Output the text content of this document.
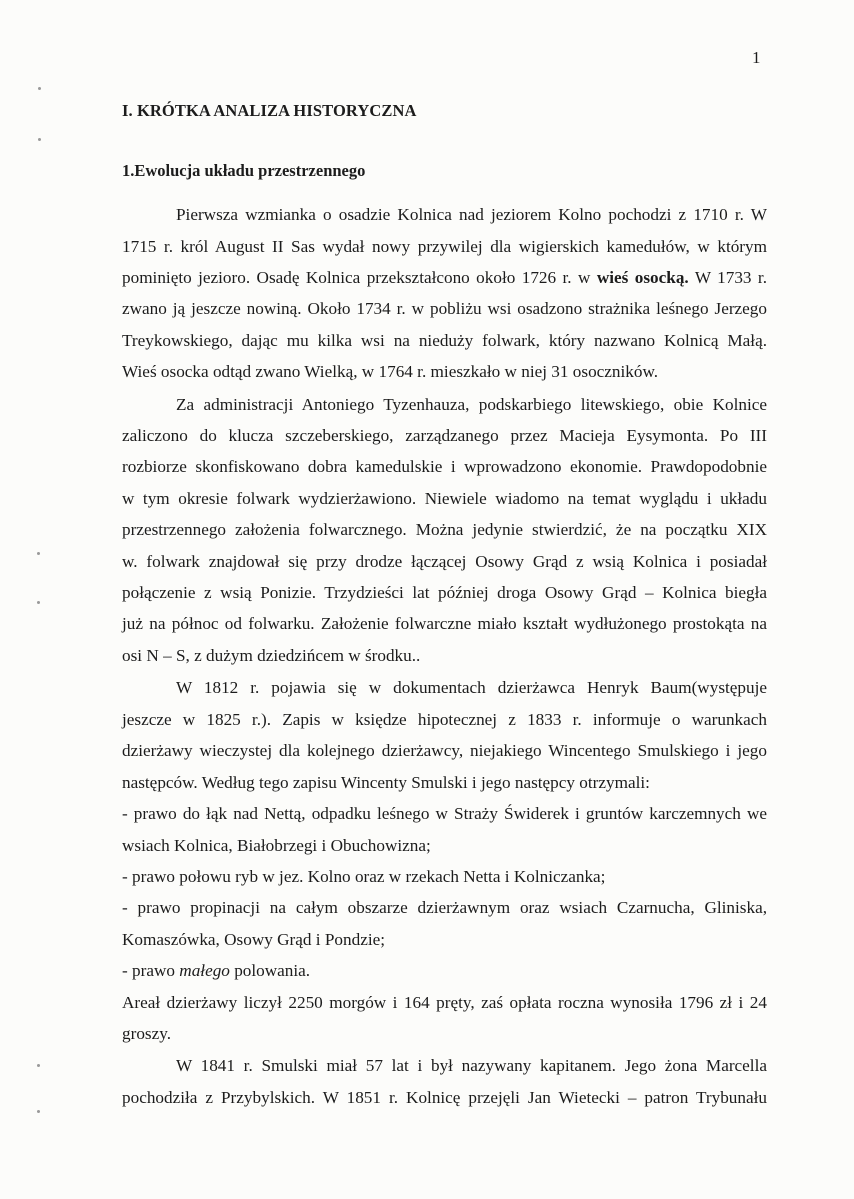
1
I. KRÓTKA ANALIZA HISTORYCZNA
1.Ewolucja układu przestrzennego
Pierwsza wzmianka o osadzie Kolnica nad jeziorem Kolno pochodzi z 1710 r. W
1715 r. król August II Sas wydał nowy przywilej dla wigierskich kamedułów, w którym
pominięto jezioro. Osadę Kolnica przekształcono około 1726 r. w wieś osocką. W 1733 r.
zwano ją jeszcze nowiną. Około 1734 r. w pobliżu wsi osadzono strażnika leśnego Jerzego
Treykowskiego, dając mu kilka wsi na nieduży folwark, który nazwano Kolnicą Małą.
Wieś osocka odtąd zwano Wielką, w 1764 r. mieszkało w niej 31 osoczników.
Za administracji Antoniego Tyzenhauza, podskarbiego litewskiego, obie Kolnice
zaliczono do klucza szczeberskiego, zarządzanego przez Macieja Eysymonta. Po III
rozbiorze skonfiskowano dobra kamedulskie i wprowadzono ekonomie. Prawdopodobnie
w tym okresie folwark wydzierżawiono. Niewiele wiadomo na temat wyglądu i układu
przestrzennego założenia folwarcznego. Można jedynie stwierdzić, że na początku XIX
w. folwark znajdował się przy drodze łączącej Osowy Grąd z wsią Kolnica i posiadał
połączenie z wsią Ponizie. Trzydzieści lat później droga Osowy Grąd – Kolnica biegła
już na północ od folwarku. Założenie folwarczne miało kształt wydłużonego prostokąta na
osi N – S, z dużym dziedzińcem w środku..
W 1812 r. pojawia się w dokumentach dzierżawca Henryk Baum(występuje
jeszcze w 1825 r.). Zapis w księdze hipotecznej z 1833 r. informuje o warunkach
dzierżawy wieczystej dla kolejnego dzierżawcy, niejakiego Wincentego Smulskiego i jego
następców. Według tego zapisu Wincenty Smulski i jego następcy otrzymali:
- prawo do łąk nad Nettą, odpadku leśnego w Straży Świderek i gruntów karczemnych we
wsiach Kolnica, Białobrzegi i Obuchowizna;
- prawo połowu ryb w jez. Kolno oraz w rzekach Netta i Kolniczanka;
- prawo propinacji na całym obszarze dzierżawnym oraz wsiach Czarnucha, Gliniska,
Komaszówka, Osowy Grąd i Pondzie;
- prawo małego polowania.
Areał dzierżawy liczył 2250 morgów i 164 pręty, zaś opłata roczna wynosiła 1796 zł i 24
groszy.
W 1841 r. Smulski miał 57 lat i był nazywany kapitanem. Jego żona Marcella
pochodziła z Przybylskich. W 1851 r. Kolnicę przejęli Jan Wietecki – patron Trybunału
